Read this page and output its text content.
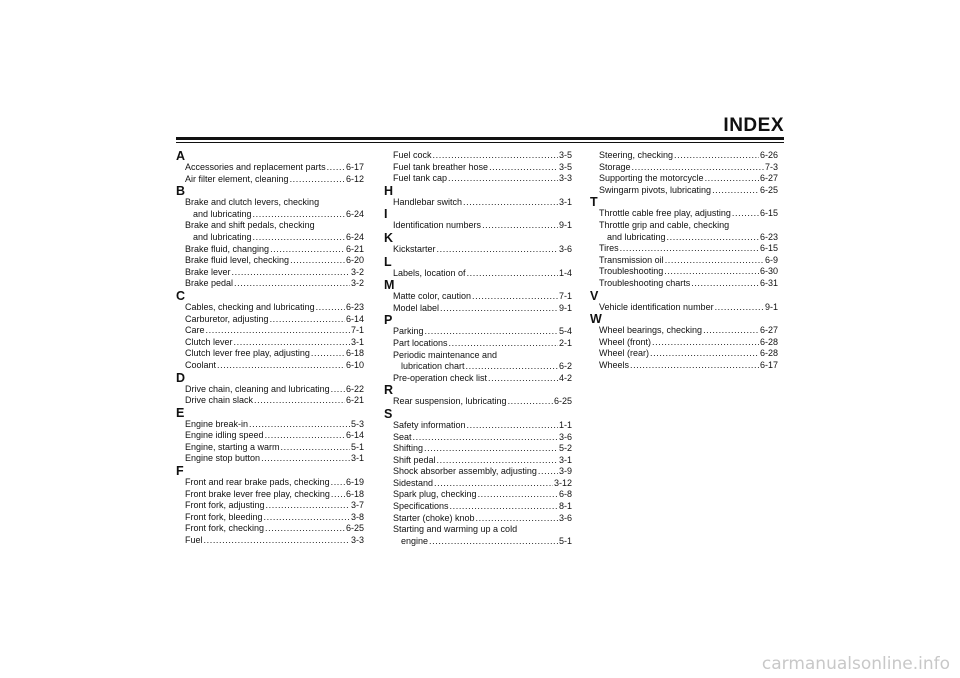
INDEX
A
Accessories and replacement parts ..... 6-17
Air filter element, cleaning .....	6-12
B
Brake and clutch levers, checking
and lubricating .....	6-24
Brake and shift pedals, checking
and lubricating .....	6-24
Brake fluid, changing .....	6-21
Brake fluid level, checking .....	6-20
Brake lever .....	3-2
Brake pedal .....	3-2
C
Cables, checking and lubricating .....	6-23
Carburetor, adjusting .....	6-14
Care .....	7-1
Clutch lever .....	3-1
Clutch lever free play, adjusting .....	6-18
Coolant .....	6-10
D
Drive chain, cleaning and lubricating ..... 6-22
Drive chain slack .....	6-21
E
Engine break-in .....	5-3
Engine idling speed .....	6-14
Engine, starting a warm .....	5-1
Engine stop button .....	3-1
F
Front and rear brake pads, checking ..... 6-19
Front brake lever free play, checking ..... 6-18
Front fork, adjusting .....	3-7
Front fork, bleeding .....	3-8
Front fork, checking .....	6-25
Fuel .....	3-3
Fuel cock .....	3-5
Fuel tank breather hose .....	3-5
Fuel tank cap .....	3-3
H
Handlebar switch .....	3-1
I
Identification numbers .....	9-1
K
Kickstarter .....	3-6
L
Labels, location of .....	1-4
M
Matte color, caution .....	7-1
Model label .....	9-1
P
Parking .....	5-4
Part locations .....	2-1
Periodic maintenance and
lubrication chart .....	6-2
Pre-operation check list .....	4-2
R
Rear suspension, lubricating .....	6-25
S
Safety information .....	1-1
Seat .....	3-6
Shifting .....	5-2
Shift pedal .....	3-1
Shock absorber assembly, adjusting ..... 3-9
Sidestand .....	3-12
Spark plug, checking .....	6-8
Specifications .....	8-1
Starter (choke) knob .....	3-6
Starting and warming up a cold
engine .....	5-1
Steering, checking .....	6-26
Storage .....	7-3
Supporting the motorcycle .....	6-27
Swingarm pivots, lubricating .....	6-25
T
Throttle cable free play, adjusting .....	6-15
Throttle grip and cable, checking
and lubricating .....	6-23
Tires .....	6-15
Transmission oil .....	6-9
Troubleshooting .....	6-30
Troubleshooting charts .....	6-31
V
Vehicle identification number .....	9-1
W
Wheel bearings, checking .....	6-27
Wheel (front) .....	6-28
Wheel (rear) .....	6-28
Wheels .....	6-17
carmanualsonline.info
